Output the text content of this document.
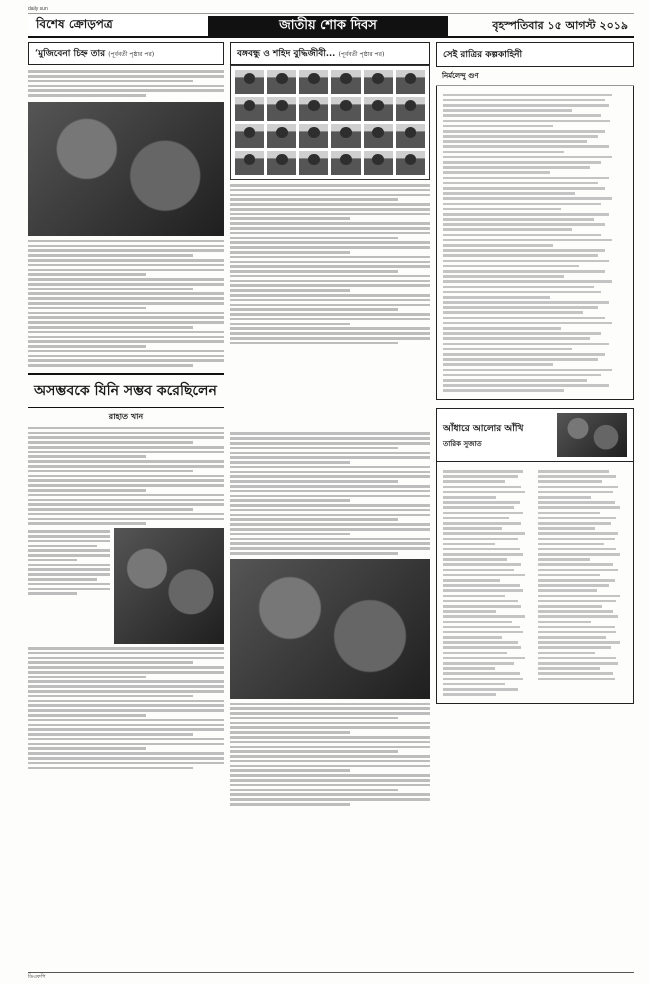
daily sun
বিশেষ ক্রোড়পত্র	জাতীয় শোক দিবস	বৃহস্পতিবার ১৫ আগস্ট ২০১৯
‘মুজিবেনা চিহ্ন তার (পূর্ববর্তী পৃষ্ঠার পর)
অসম্ভবকে যিনি সম্ভব করেছিলেন
রাহাত খান
বঙ্গবন্ধু ও শহিদ বুদ্ধিজীবী... (পূর্ববর্তী পৃষ্ঠার পর)	সেই রাত্রির কল্পকাহিনী
নির্মলেন্দু গুণ
আঁধারে আলোর আঁখি
তারিক সুজাত
ডিএফপি
